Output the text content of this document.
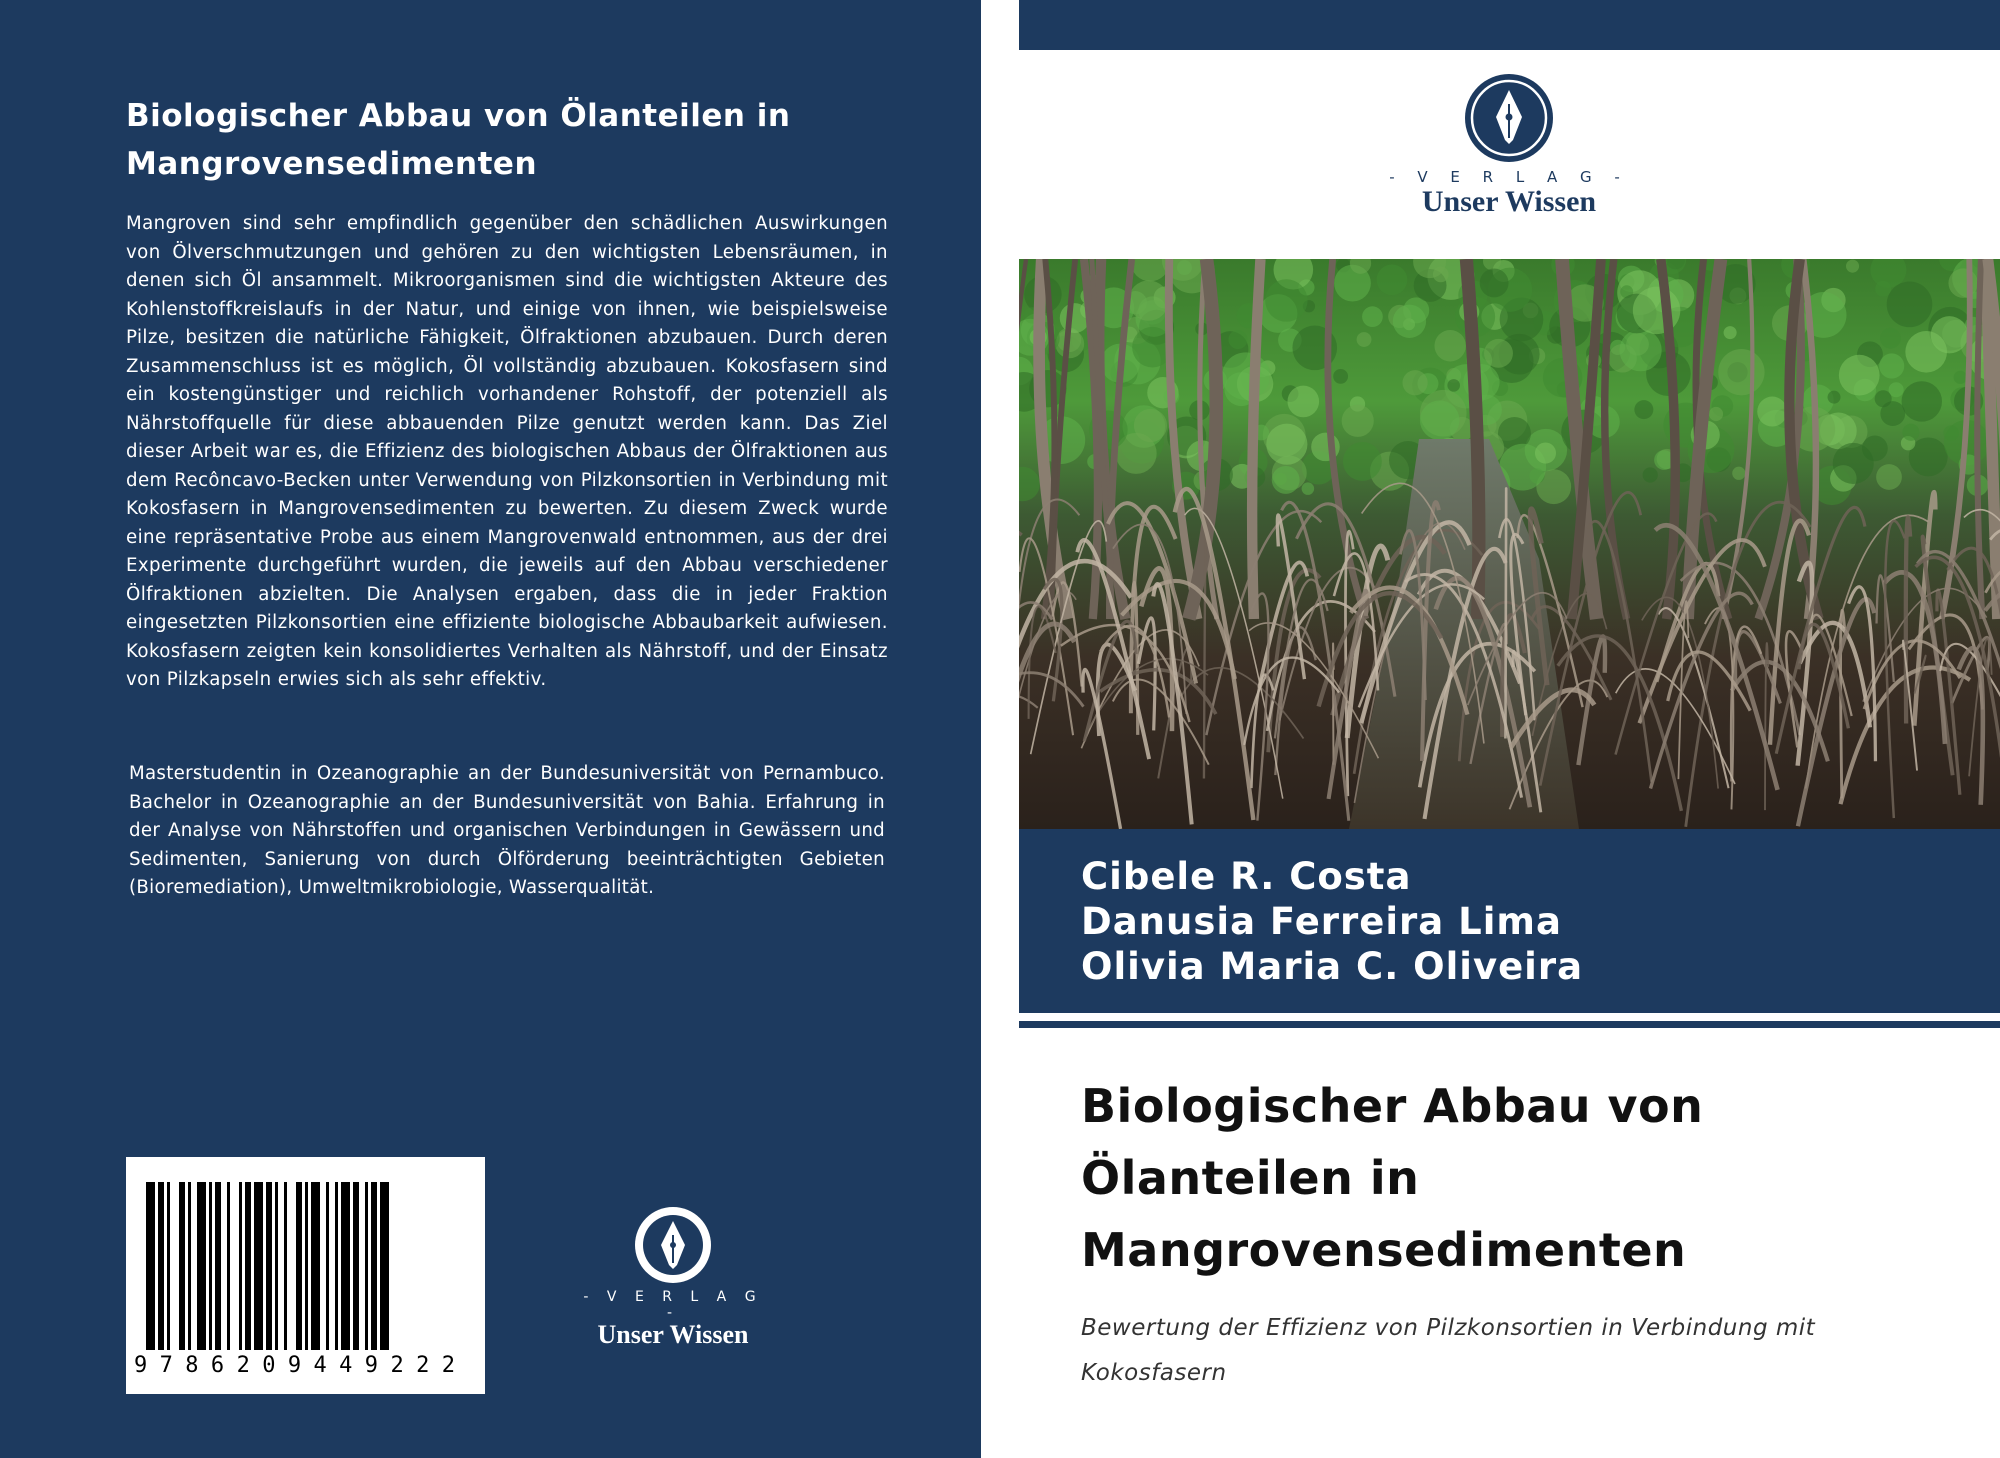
Biologischer Abbau von Ölanteilen in Mangrovensedimenten

Mangroven sind sehr empfindlich gegenüber den schädlichen Auswirkungen von Ölverschmutzungen und gehören zu den wichtigsten Lebensräumen, in denen sich Öl ansammelt. Mikroorganismen sind die wichtigsten Akteure des Kohlenstoffkreislaufs in der Natur, und einige von ihnen, wie beispielsweise Pilze, besitzen die natürliche Fähigkeit, Ölfraktionen abzubauen. Durch deren Zusammenschluss ist es möglich, Öl vollständig abzubauen. Kokosfasern sind ein kostengünstiger und reichlich vorhandener Rohstoff, der potenziell als Nährstoffquelle für diese abbauenden Pilze genutzt werden kann. Das Ziel dieser Arbeit war es, die Effizienz des biologischen Abbaus der Ölfraktionen aus dem Recôncavo-Becken unter Verwendung von Pilzkonsortien in Verbindung mit Kokosfasern in Mangrovensedimenten zu bewerten. Zu diesem Zweck wurde eine repräsentative Probe aus einem Mangrovenwald entnommen, aus der drei Experimente durchgeführt wurden, die jeweils auf den Abbau verschiedener Ölfraktionen abzielten. Die Analysen ergaben, dass die in jeder Fraktion eingesetzten Pilzkonsortien eine effiziente biologische Abbaubarkeit aufwiesen. Kokosfasern zeigten kein konsolidiertes Verhalten als Nährstoff, und der Einsatz von Pilzkapseln erwies sich als sehr effektiv.

Masterstudentin in Ozeanographie an der Bundesuniversität von Pernambuco. Bachelor in Ozeanographie an der Bundesuniversität von Bahia. Erfahrung in der Analyse von Nährstoffen und organischen Verbindungen in Gewässern und Sedimenten, Sanierung von durch Ölförderung beeinträchtigten Gebieten (Bioremediation), Umweltmikrobiologie, Wasserqualität.

9786209449222
- V E R L A G -
Unser Wissen
- V E R L A G -
Unser Wissen
Cibele R. Costa
Danusia Ferreira Lima
Olivia Maria C. Oliveira
Biologischer Abbau von Ölanteilen in Mangrovensedimenten
Bewertung der Effizienz von Pilzkonsortien in Verbindung mit Kokosfasern
